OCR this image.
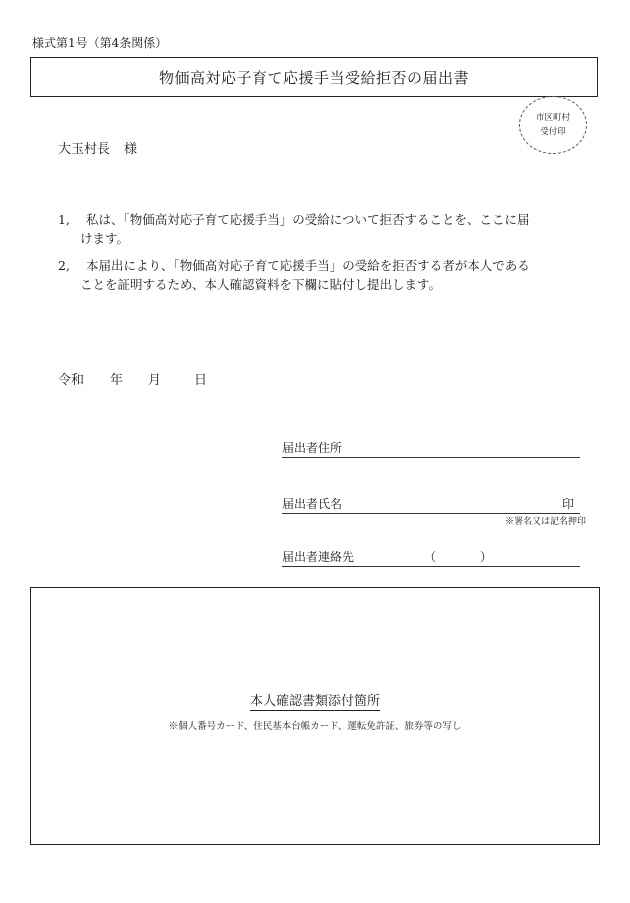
様式第1号（第4条関係）
物価高対応子育て応援手当受給拒否の届出書
市区町村
受付印
大玉村長 様
1,	私は、「物価高対応子育て応援手当」の受給について拒否することを、ここに届
けます。
2,	本届出により、「物価高対応子育て応援手当」の受給を拒否する者が本人である
ことを証明するため、本人確認資料を下欄に貼付し提出します。
令和 年 月	日
届出者住所
届出者氏名	印
※署名又は記名押印
届出者連絡先	（	）
本人確認書類添付箇所
※個人番号カード、住民基本台帳カード、運転免許証、旅券等の写し
